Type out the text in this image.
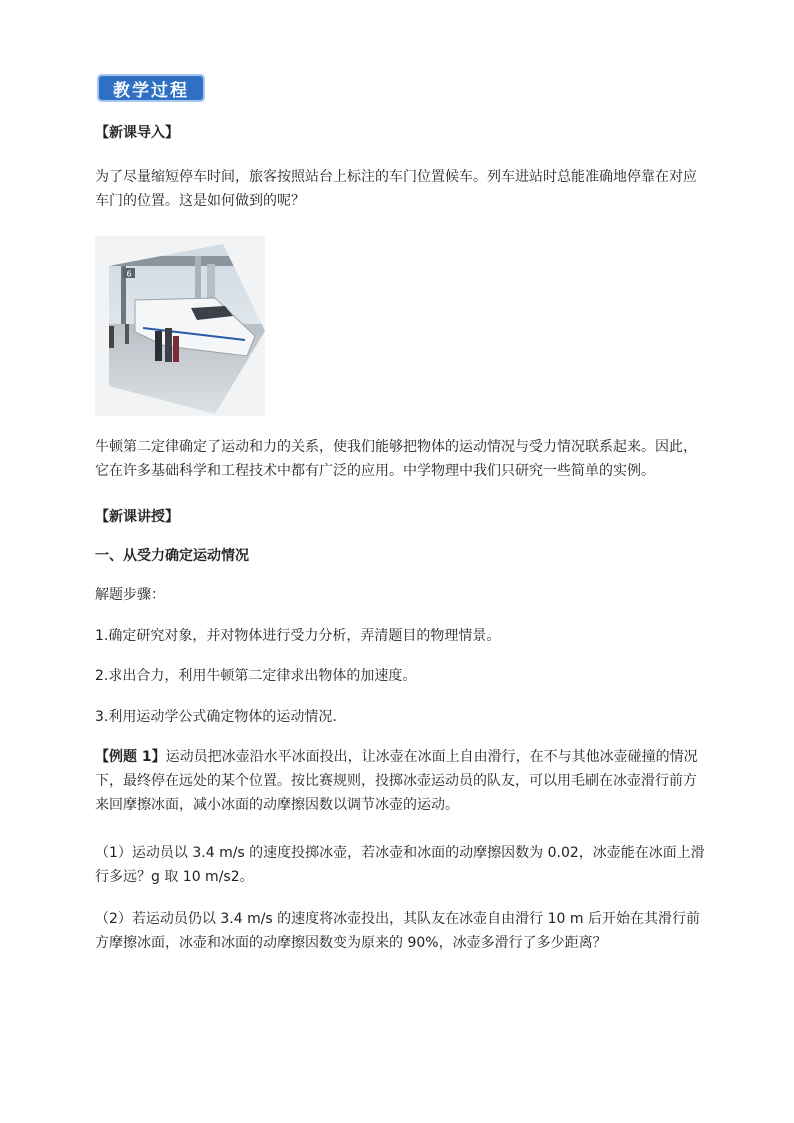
教学过程

【新课导入】

为了尽量缩短停车时间，旅客按照站台上标注的车门位置候车。列车进站时总能准确地停靠在对应车门的位置。这是如何做到的呢？

6

牛顿第二定律确定了运动和力的关系，使我们能够把物体的运动情况与受力情况联系起来。因此，它在许多基础科学和工程技术中都有广泛的应用。中学物理中我们只研究一些简单的实例。

【新课讲授】

一、从受力确定运动情况

解题步骤：

1.确定研究对象，并对物体进行受力分析，弄清题目的物理情景。

2.求出合力，利用牛顿第二定律求出物体的加速度。

3.利用运动学公式确定物体的运动情况.

【例题 1】运动员把冰壶沿水平冰面投出，让冰壶在冰面上自由滑行，在不与其他冰壶碰撞的情况下，最终停在远处的某个位置。按比赛规则，投掷冰壶运动员的队友，可以用毛刷在冰壶滑行前方来回摩擦冰面，减小冰面的动摩擦因数以调节冰壶的运动。

（1）运动员以 3.4 m/s 的速度投掷冰壶，若冰壶和冰面的动摩擦因数为 0.02，冰壶能在冰面上滑行多远？g 取 10 m/s2。

（2）若运动员仍以 3.4 m/s 的速度将冰壶投出，其队友在冰壶自由滑行 10 m 后开始在其滑行前方摩擦冰面，冰壶和冰面的动摩擦因数变为原来的 90%，冰壶多滑行了多少距离？
